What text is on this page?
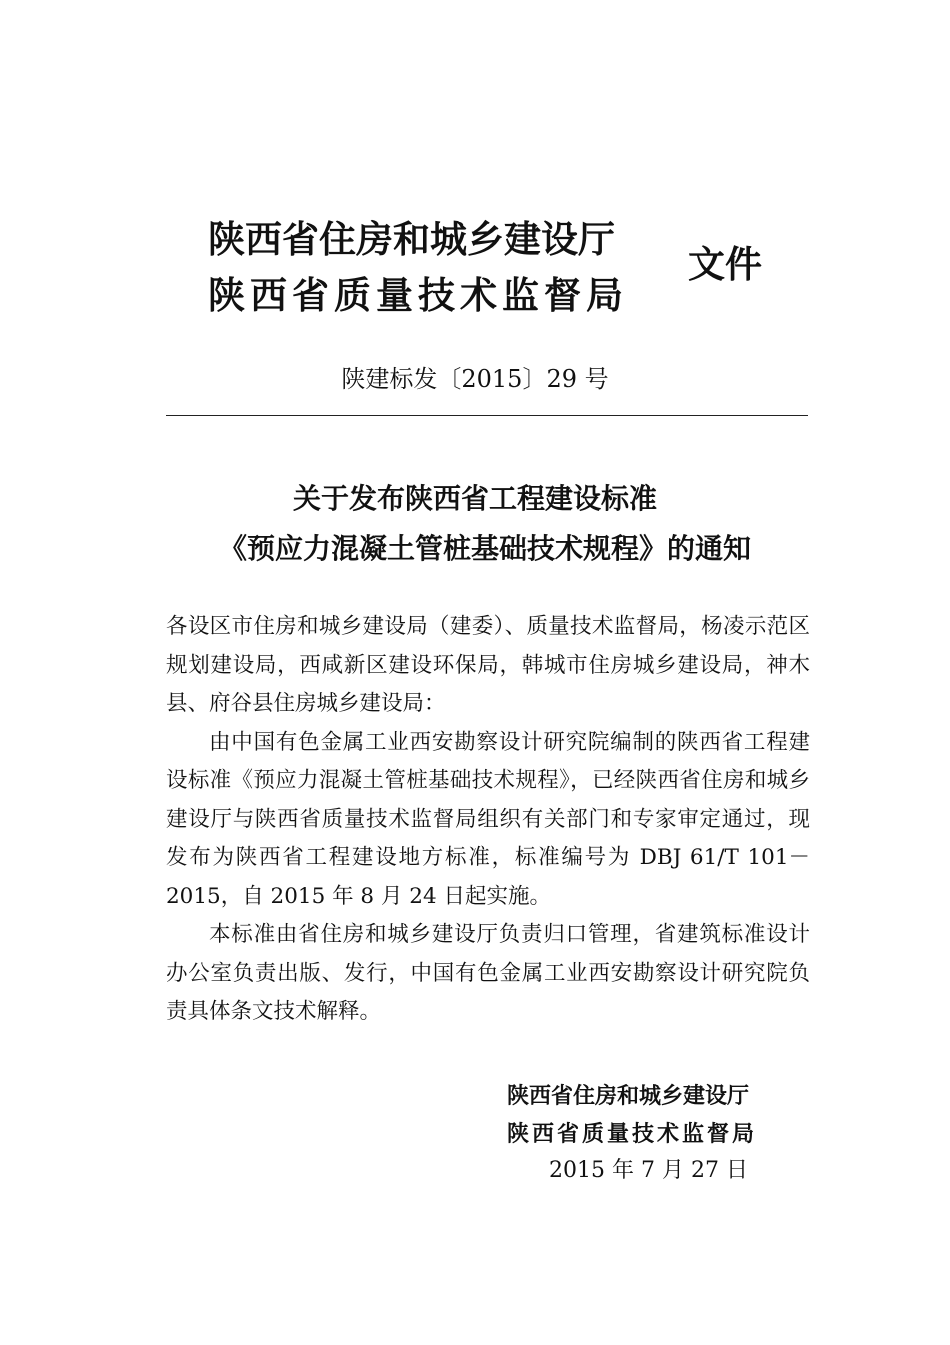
陕西省住房和城乡建设厅
陕西省质量技术监督局
文件
陕建标发〔2015〕29 号
关于发布陕西省工程建设标准
《预应力混凝土管桩基础技术规程》的通知

各设区市住房和城乡建设局（建委）、质量技术监督局，杨凌示范区规划建设局，西咸新区建设环保局，韩城市住房城乡建设局，神木县、府谷县住房城乡建设局：

由中国有色金属工业西安勘察设计研究院编制的陕西省工程建设标准《预应力混凝土管桩基础技术规程》，已经陕西省住房和城乡建设厅与陕西省质量技术监督局组织有关部门和专家审定通过，现发布为陕西省工程建设地方标准，标准编号为 DBJ 61/T 101－2015，自 2015 年 8 月 24 日起实施。

本标准由省住房和城乡建设厅负责归口管理，省建筑标准设计办公室负责出版、发行，中国有色金属工业西安勘察设计研究院负责具体条文技术解释。

陕西省住房和城乡建设厅
陕西省质量技术监督局
2015 年 7 月 27 日
